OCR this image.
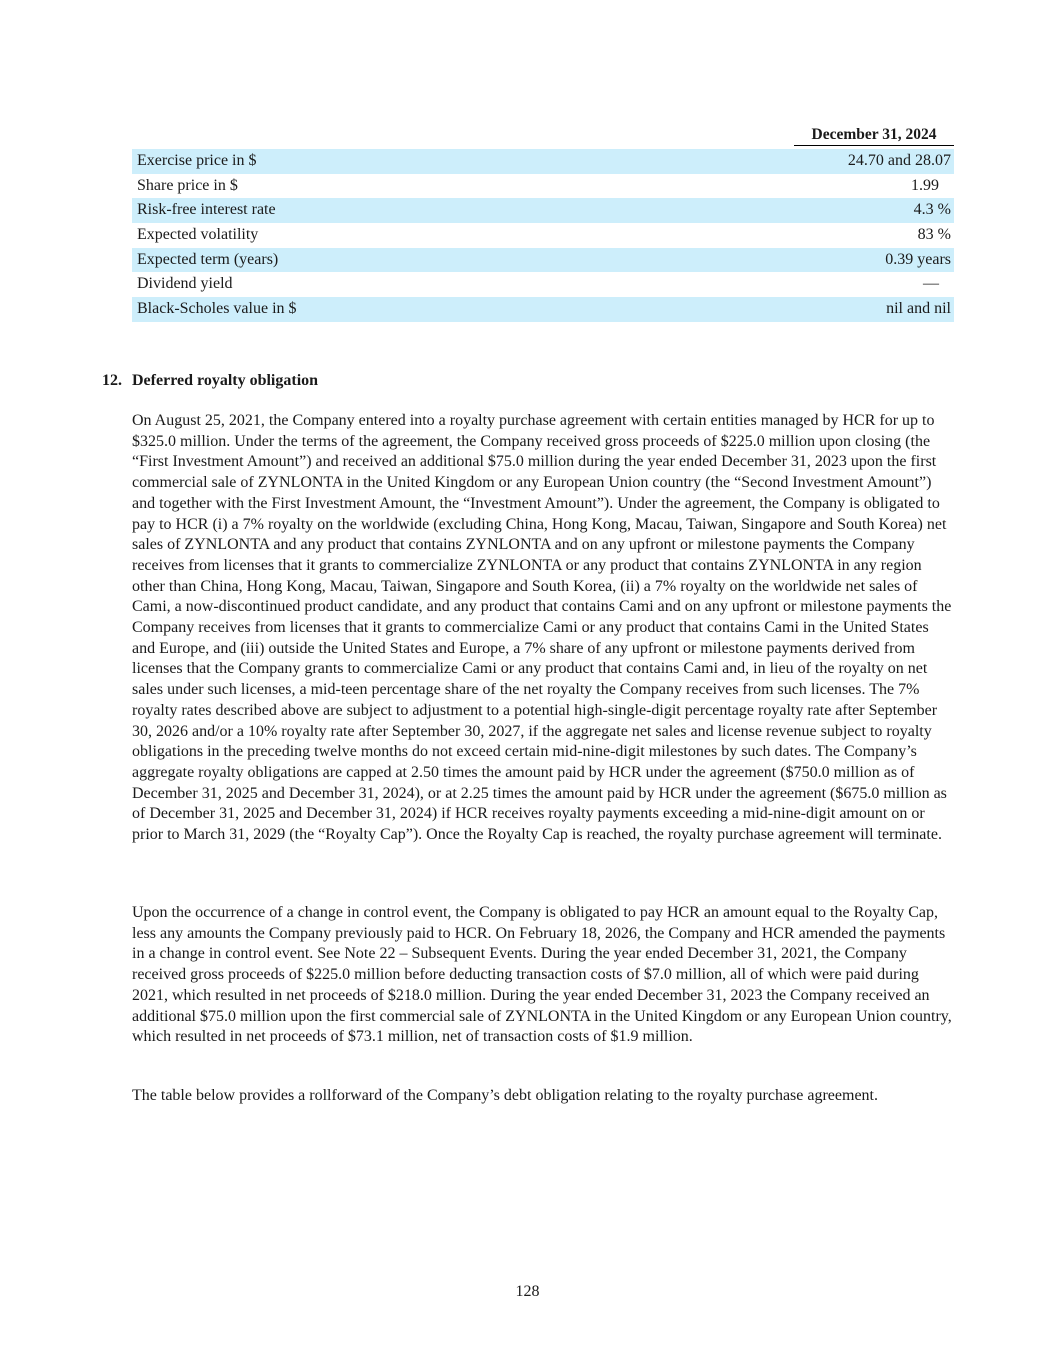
December 31, 2024
Exercise price in $	24.70 and 28.07
Share price in $	1.99
Risk-free interest rate	4.3 %
Expected volatility	83 %
Expected term (years)	0.39 years
Dividend yield	—
Black-Scholes value in $	nil and nil
12. Deferred royalty obligation

On August 25, 2021, the Company entered into a royalty purchase agreement with certain entities managed by HCR for up to $325.0 million. Under the terms of the agreement, the Company received gross proceeds of $225.0 million upon closing (the “First Investment Amount”) and received an additional $75.0 million during the year ended December 31, 2023 upon the first commercial sale of ZYNLONTA in the United Kingdom or any European Union country (the “Second Investment Amount”) and together with the First Investment Amount, the “Investment Amount”). Under the agreement, the Company is obligated to pay to HCR (i) a 7% royalty on the worldwide (excluding China, Hong Kong, Macau, Taiwan, Singapore and South Korea) net sales of ZYNLONTA and any product that contains ZYNLONTA and on any upfront or milestone payments the Company receives from licenses that it grants to commercialize ZYNLONTA or any product that contains ZYNLONTA in any region other than China, Hong Kong, Macau, Taiwan, Singapore and South Korea, (ii) a 7% royalty on the worldwide net sales of Cami, a now-discontinued product candidate, and any product that contains Cami and on any upfront or milestone payments the Company receives from licenses that it grants to commercialize Cami or any product that contains Cami in the United States and Europe, and (iii) outside the United States and Europe, a 7% share of any upfront or milestone payments derived from licenses that the Company grants to commercialize Cami or any product that contains Cami and, in lieu of the royalty on net sales under such licenses, a mid-teen percentage share of the net royalty the Company receives from such licenses. The 7% royalty rates described above are subject to adjustment to a potential high-single-digit percentage royalty rate after September 30, 2026 and/or a 10% royalty rate after September 30, 2027, if the aggregate net sales and license revenue subject to royalty obligations in the preceding twelve months do not exceed certain mid-nine-digit milestones by such dates. The Company’s aggregate royalty obligations are capped at 2.50 times the amount paid by HCR under the agreement ($750.0 million as of December 31, 2025 and December 31, 2024), or at 2.25 times the amount paid by HCR under the agreement ($675.0 million as of December 31, 2025 and December 31, 2024) if HCR receives royalty payments exceeding a mid-nine-digit amount on or prior to March 31, 2029 (the “Royalty Cap”). Once the Royalty Cap is reached, the royalty purchase agreement will terminate.

Upon the occurrence of a change in control event, the Company is obligated to pay HCR an amount equal to the Royalty Cap, less any amounts the Company previously paid to HCR. On February 18, 2026, the Company and HCR amended the payments in a change in control event. See Note 22 – Subsequent Events. During the year ended December 31, 2021, the Company received gross proceeds of $225.0 million before deducting transaction costs of $7.0 million, all of which were paid during 2021, which resulted in net proceeds of $218.0 million. During the year ended December 31, 2023 the Company received an additional $75.0 million upon the first commercial sale of ZYNLONTA in the United Kingdom or any European Union country, which resulted in net proceeds of $73.1 million, net of transaction costs of $1.9 million.

The table below provides a rollforward of the Company’s debt obligation relating to the royalty purchase agreement.

128
